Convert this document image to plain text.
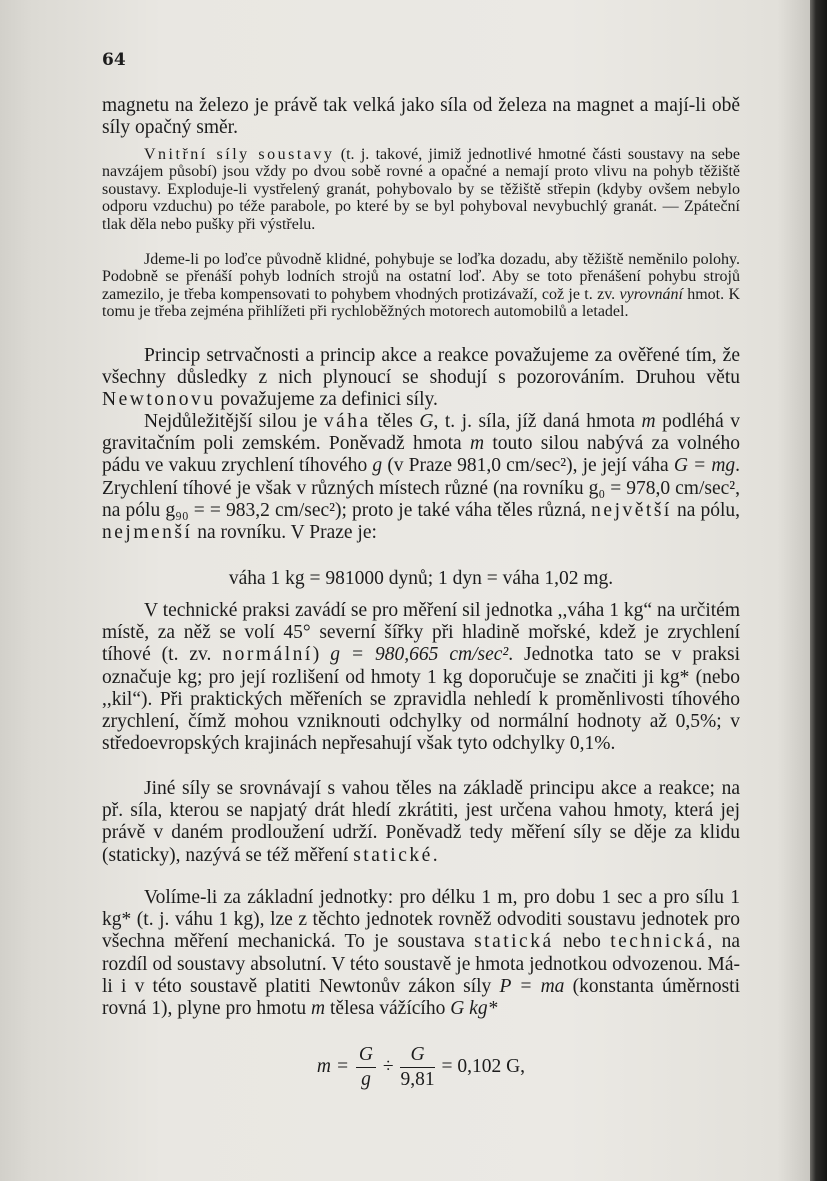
64

magnetu na železo je právě tak velká jako síla od železa na magnet a mají-li obě síly opačný směr.

Vnitřní síly soustavy (t. j. takové, jimiž jednotlivé hmotné části soustavy na sebe navzájem působí) jsou vždy po dvou sobě rovné a opačné a nemají proto vlivu na pohyb těžiště soustavy. Exploduje-li vystřelený granát, pohybovalo by se těžiště střepin (kdyby ovšem nebylo odporu vzduchu) po téže parabole, po které by se byl pohyboval nevybuchlý granát. — Zpáteční tlak děla nebo pušky při výstřelu.

Jdeme-li po loďce původně klidné, pohybuje se loďka dozadu, aby těžiště neměnilo polohy. Podobně se přenáší pohyb lodních strojů na ostatní loď. Aby se toto přenášení pohybu strojů zamezilo, je třeba kompensovati to pohybem vhodných protizávaží, což je t. zv. vyrovnání hmot. K tomu je třeba zejména přihlížeti při rychloběžných motorech automobilů a letadel.

Princip setrvačnosti a princip akce a reakce považujeme za ověřené tím, že všechny důsledky z nich plynoucí se shodují s pozorováním. Druhou větu Newtonovu považujeme za definici síly.

Nejdůležitější silou je váha těles G, t. j. síla, jíž daná hmota m podléhá v gravitačním poli zemském. Poněvadž hmota m touto silou nabývá za volného pádu ve vakuu zrychlení tíhového g (v Praze 981,0 cm/sec²), je její váha G = mg. Zrychlení tíhové je však v různých místech různé (na rovníku g₀ = 978,0 cm/sec², na pólu g₉₀ = = 983,2 cm/sec²); proto je také váha těles různá, největší na pólu, nejmenší na rovníku. V Praze je:

váha 1 kg = 981000 dynů; 1 dyn = váha 1,02 mg.

V technické praksi zavádí se pro měření sil jednotka ,,váha 1 kg“ na určitém místě, za něž se volí 45° severní šířky při hladině mořské, kdež je zrychlení tíhové (t. zv. normální) g = 980,665 cm/sec². Jednotka tato se v praksi označuje kg; pro její rozlišení od hmoty 1 kg doporučuje se značiti ji kg* (nebo ,,kil“). Při praktických měřeních se zpravidla nehledí k proměnlivosti tíhového zrychlení, čímž mohou vzniknouti odchylky od normální hodnoty až 0,5%; v středoevropských krajinách nepřesahují však tyto odchylky 0,1%.

Jiné síly se srovnávají s vahou těles na základě principu akce a reakce; na př. síla, kterou se napjatý drát hledí zkrátiti, jest určena vahou hmoty, která jej právě v daném prodloužení udrží. Poněvadž tedy měření síly se děje za klidu (staticky), nazývá se též měření statické.

Volíme-li za základní jednotky: pro délku 1 m, pro dobu 1 sec a pro sílu 1 kg* (t. j. váhu 1 kg), lze z těchto jednotek rovněž odvoditi soustavu jednotek pro všechna měření mechanická. To je soustava statická nebo technická, na rozdíl od soustavy absolutní. V této soustavě je hmota jednotkou odvozenou. Má-li i v této soustavě platiti Newtonův zákon síly P = ma (konstanta úměrnosti rovná 1), plyne pro hmotu m tělesa vážícího G kg*

$m = \frac{G}{g} \div \frac{G}{9,81} = 0,102$ G,
